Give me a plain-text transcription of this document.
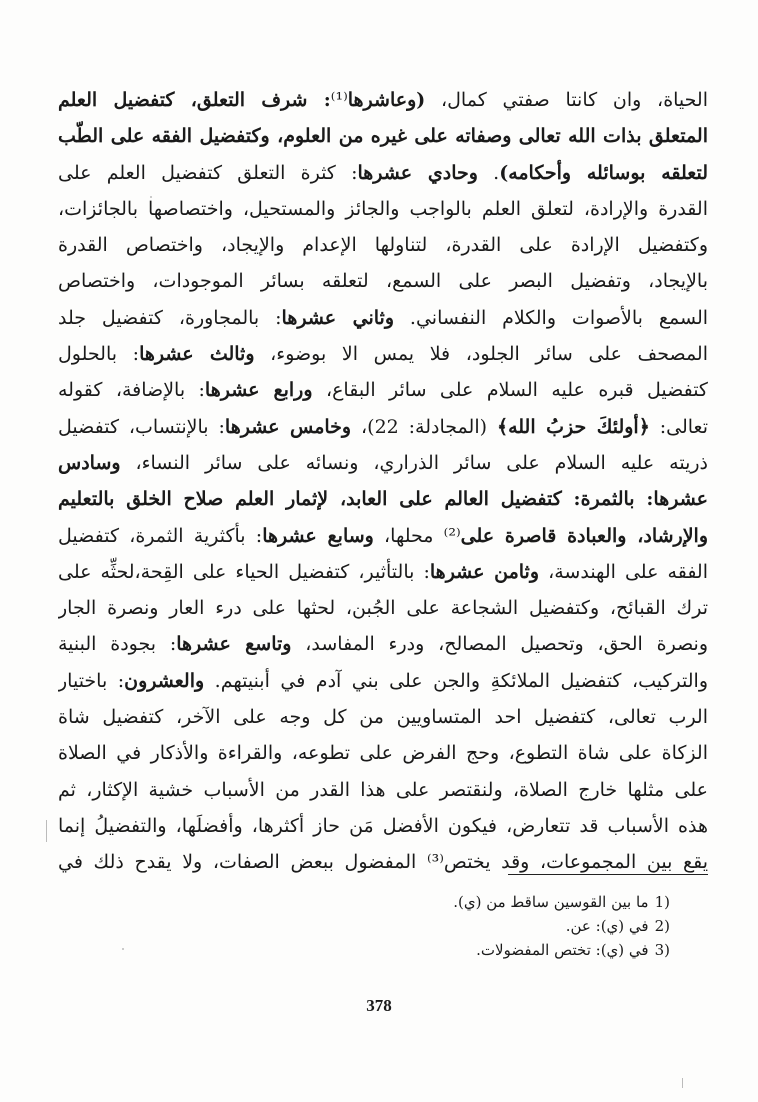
الحياة، وان كانتا صفتي كمال، (وعاشرها⁽¹⁾: شرف التعلق، كتفضيل العلم
المتعلق بذات الله تعالى وصفاته على غيره من العلوم، وكتفضيل الفقه على الطّب
لتعلقه بوسائله وأحكامه). وحادي عشرها: كثرة التعلق كتفضيل العلم على
القدرة والإرادة، لتعلق العلم بالواجب والجائز والمستحيل، واختصاصها بالجائزات،
وكتفضيل الإرادة على القدرة، لتناولها الإعدام والإيجاد، واختصاص القدرة
بالإيجاد، وتفضيل البصر على السمع، لتعلقه بسائر الموجودات، واختصاص
السمع بالأصوات والكلام النفساني. وثاني عشرها: بالمجاورة، كتفضيل جلد
المصحف على سائر الجلود، فلا يمس الا بوضوء، وثالث عشرها: بالحلول
كتفضيل قبره عليه السلام على سائر البقاع، ورابع عشرها: بالإضافة، كقوله
تعالى: ﴿أولئكَ حزبُ الله﴾ (المجادلة: 22)، وخامس عشرها: بالإنتساب، كتفضيل
ذريته عليه السلام على سائر الذراري، ونسائه على سائر النساء، وسادس
عشرها: بالثمرة: كتفضيل العالم على العابد، لإثمار العلم صلاح الخلق بالتعليم
والإرشاد، والعبادة قاصرة على⁽²⁾ محلها، وسابع عشرها: بأكثرية الثمرة، كتفضيل
الفقه على الهندسة، وثامن عشرها: بالتأثير، كتفضيل الحياء على القِحة،لحثِّه على
ترك القبائح، وكتفضيل الشجاعة على الجُبن، لحثها على درء العار ونصرة الجار
ونصرة الحق، وتحصيل المصالح، ودرء المفاسد، وتاسع عشرها: بجودة البنية
والتركيب، كتفضيل الملائكةِ والجن على بني آدم في أبنيتهم. والعشرون: باختيار
الرب تعالى، كتفضيل احد المتساويين من كل وجه على الآخر، كتفضيل شاة
الزكاة على شاة التطوع، وحج الفرض على تطوعه، والقراءة والأذكار في الصلاة
على مثلها خارج الصلاة، ولنقتصر على هذا القدر من الأسباب خشية الإكثار، ثم
هذه الأسباب قد تتعارض، فيكون الأفضل مَن حاز أكثرها، وأفضلَها، والتفضيلُ إنما
يقع بين المجموعات، وقد يختص⁽³⁾ المفضول ببعض الصفات، ولا يقدح ذلك في
(1ما بين القوسين ساقط من (ي).
(2في (ي): عن.
(3في (ي): تختص المفضولات.
378
